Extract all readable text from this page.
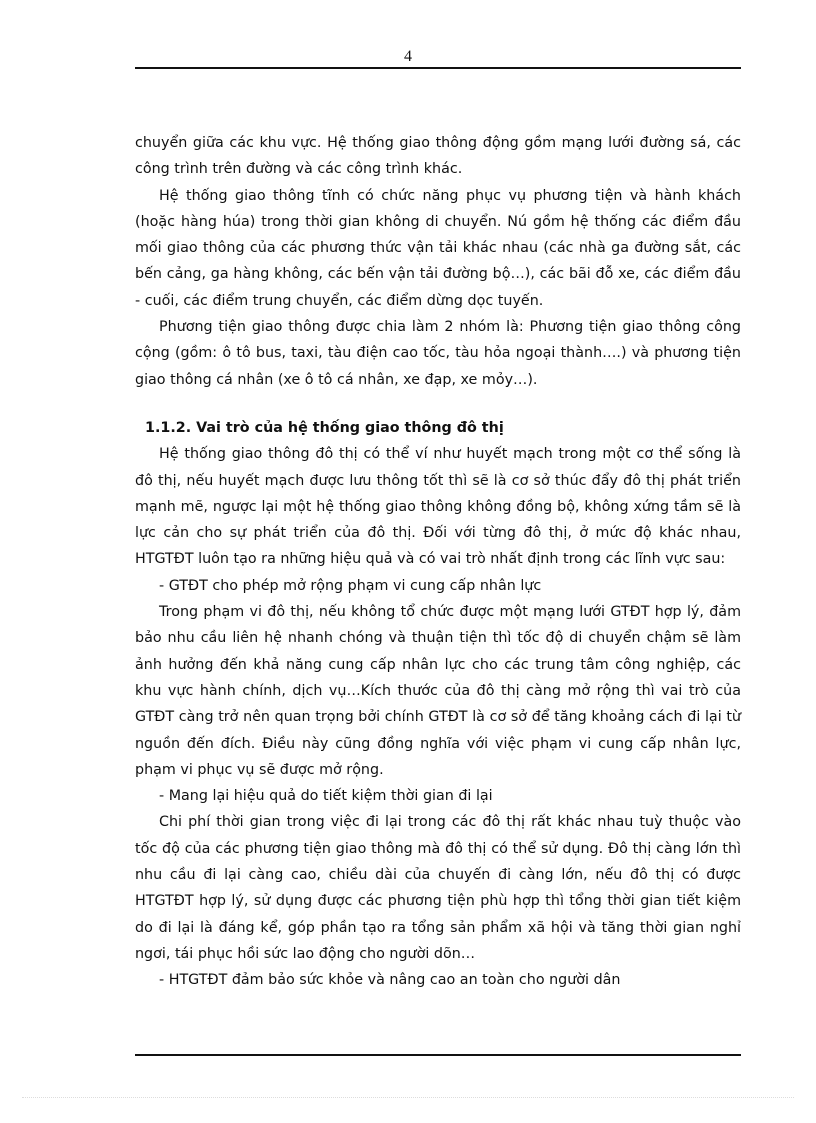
4

chuyển giữa các khu vực. Hệ thống giao thông động gồm mạng lưới đường sá, các công trình trên đường và các công trình khác.

Hệ thống giao thông tĩnh có chức năng phục vụ phương tiện và hành khách (hoặc hàng húa) trong thời gian không di chuyển. Nú gồm hệ thống các điểm đầu mối giao thông của các phương thức vận tải khác nhau (các nhà ga đường sắt, các bến cảng, ga hàng không, các bến vận tải đường bộ…), các bãi đỗ xe, các điểm đầu - cuối, các điểm trung chuyển, các điểm dừng dọc tuyến.

Phương tiện giao thông được chia làm 2 nhóm là: Phương tiện giao thông công cộng (gồm: ô tô bus, taxi, tàu điện cao tốc, tàu hỏa ngoại thành….) và phương tiện giao thông cá nhân (xe ô tô cá nhân, xe đạp, xe mỏy…).

1.1.2. Vai trò của hệ thống giao thông đô thị

Hệ thống giao thông đô thị có thể ví như huyết mạch trong một cơ thể sống là đô thị, nếu huyết mạch được lưu thông tốt thì sẽ là cơ sở thúc đẩy đô thị phát triển mạnh mẽ, ngược lại một hệ thống giao thông không đồng bộ, không xứng tầm sẽ là lực cản cho sự phát triển của đô thị. Đối với từng đô thị, ở mức độ khác nhau, HTGTĐT luôn tạo ra những hiệu quả và có vai trò nhất định trong các lĩnh vực sau:

- GTĐT cho phép mở rộng phạm vi cung cấp nhân lực

Trong phạm vi đô thị, nếu không tổ chức được một mạng lưới GTĐT hợp lý, đảm bảo nhu cầu liên hệ nhanh chóng và thuận tiện thì tốc độ di chuyển chậm sẽ làm ảnh hưởng đến khả năng cung cấp nhân lực cho các trung tâm công nghiệp, các khu vực hành chính, dịch vụ…Kích thước của đô thị càng mở rộng thì vai trò của GTĐT càng trở nên quan trọng bởi chính GTĐT là cơ sở để tăng khoảng cách đi lại từ nguồn đến đích. Điều này cũng đồng nghĩa với việc phạm vi cung cấp nhân lực, phạm vi phục vụ sẽ được mở rộng.

- Mang lại hiệu quả do tiết kiệm thời gian đi lại

Chi phí thời gian trong việc đi lại trong các đô thị rất khác nhau tuỳ thuộc vào tốc độ của các phương tiện giao thông mà đô thị có thể sử dụng. Đô thị càng lớn thì nhu cầu đi lại càng cao, chiều dài của chuyến đi càng lớn, nếu đô thị có được HTGTĐT hợp lý, sử dụng được các phương tiện phù hợp thì tổng thời gian tiết kiệm do đi lại là đáng kể, góp phần tạo ra tổng sản phẩm xã hội và tăng thời gian nghỉ ngơi, tái phục hồi sức lao động cho người dõn…

- HTGTĐT đảm bảo sức khỏe và nâng cao an toàn cho người dân
